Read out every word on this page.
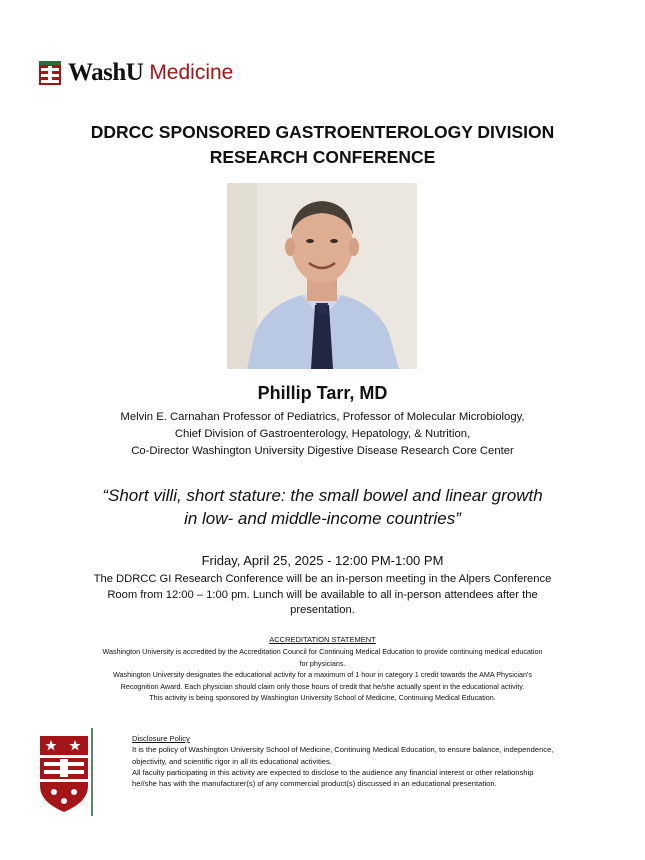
WashU Medicine
DDRCC SPONSORED GASTROENTEROLOGY DIVISION
RESEARCH CONFERENCE
Phillip Tarr, MD
Melvin E. Carnahan Professor of Pediatrics, Professor of Molecular Microbiology,
Chief Division of Gastroenterology, Hepatology, & Nutrition,
Co-Director Washington University Digestive Disease Research Core Center
“Short villi, short stature: the small bowel and linear growth
in low- and middle-income countries”
Friday, April 25, 2025 - 12:00 PM-1:00 PM
The DDRCC GI Research Conference will be an in-person meeting in the Alpers Conference Room from 12:00 – 1:00 pm. Lunch will be available to all in-person attendees after the presentation.
ACCREDITATION STATEMENT
Washington University is accredited by the Accreditation Council for Continuing Medical Education to provide continuing medical education
for physicians.
Washington University designates the educational activity for a maximum of 1 hour in category 1 credit towards the AMA Physician's
Recognition Award. Each physician should claim only those hours of credit that he/she actually spent in the educational activity.
This activity is being sponsored by Washington University School of Medicine, Continuing Medical Education.
Disclosure Policy
It is the policy of Washington University School of Medicine, Continuing Medical Education, to ensure balance, independence,
objectivity, and scientific rigor in all its educational activities.
All faculty participating in this activity are expected to disclose to the audience any financial interest or other relationship
he//she has with the manufacturer(s) of any commercial product(s) discussed in an educational presentation.
